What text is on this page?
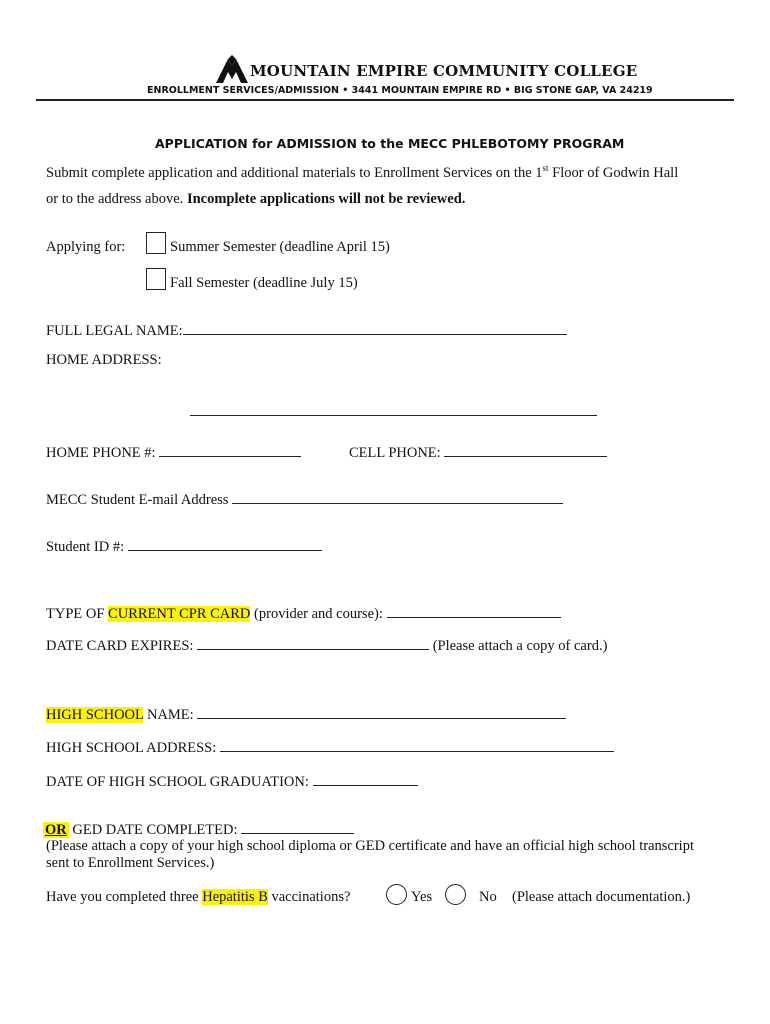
MOUNTAIN EMPIRE COMMUNITY COLLEGE
ENROLLMENT SERVICES/ADMISSION • 3441 MOUNTAIN EMPIRE RD • BIG STONE GAP, VA 24219
APPLICATION for ADMISSION to the MECC PHLEBOTOMY PROGRAM
Submit complete application and additional materials to Enrollment Services on the 1st Floor of Godwin Hall
or to the address above. Incomplete applications will not be reviewed.
Applying for:	Summer Semester (deadline April 15)
Fall Semester (deadline July 15)
FULL LEGAL NAME:
HOME ADDRESS:
HOME PHONE #:	CELL PHONE:
MECC Student E-mail Address
Student ID #:
TYPE OF CURRENT CPR CARD (provider and course):
DATE CARD EXPIRES:	(Please attach a copy of card.)
HIGH SCHOOL NAME:
HIGH SCHOOL ADDRESS:
DATE OF HIGH SCHOOL GRADUATION:
OR GED DATE COMPLETED:
(Please attach a copy of your high school diploma or GED certificate and have an official high school transcript
sent to Enrollment Services.)
Have you completed three Hepatitis B vaccinations?	Yes	No (Please attach documentation.)
